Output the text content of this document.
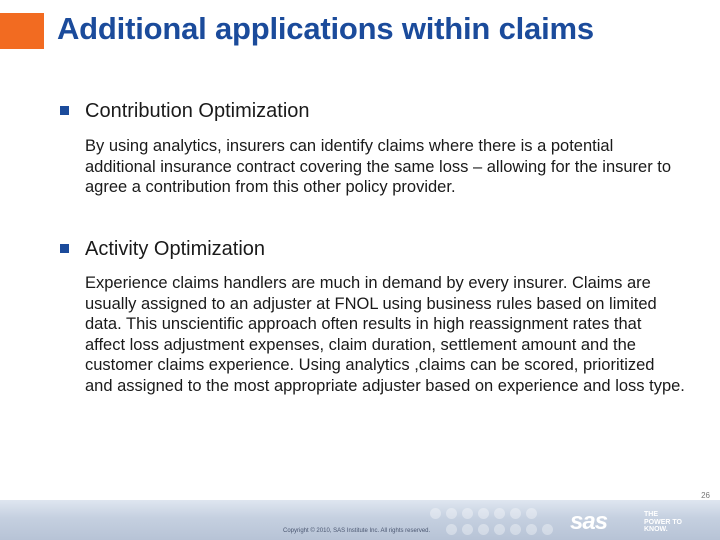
Additional applications within claims
Contribution Optimization
By using analytics, insurers can identify claims where there is a potential additional insurance contract covering the same loss – allowing for the insurer to agree a contribution from this other policy provider.
Activity Optimization
Experience claims handlers are much in demand by every insurer. Claims are usually assigned to an adjuster at FNOL using business rules based on limited data. This unscientific approach often results in high reassignment rates that affect loss adjustment expenses, claim duration, settlement amount and the customer claims experience. Using analytics ,claims can be scored, prioritized and assigned to the most appropriate adjuster based on experience and loss type.
26
Copyright © 2010, SAS Institute Inc. All rights reserved.	sas	THE POWER TO KNOW.
